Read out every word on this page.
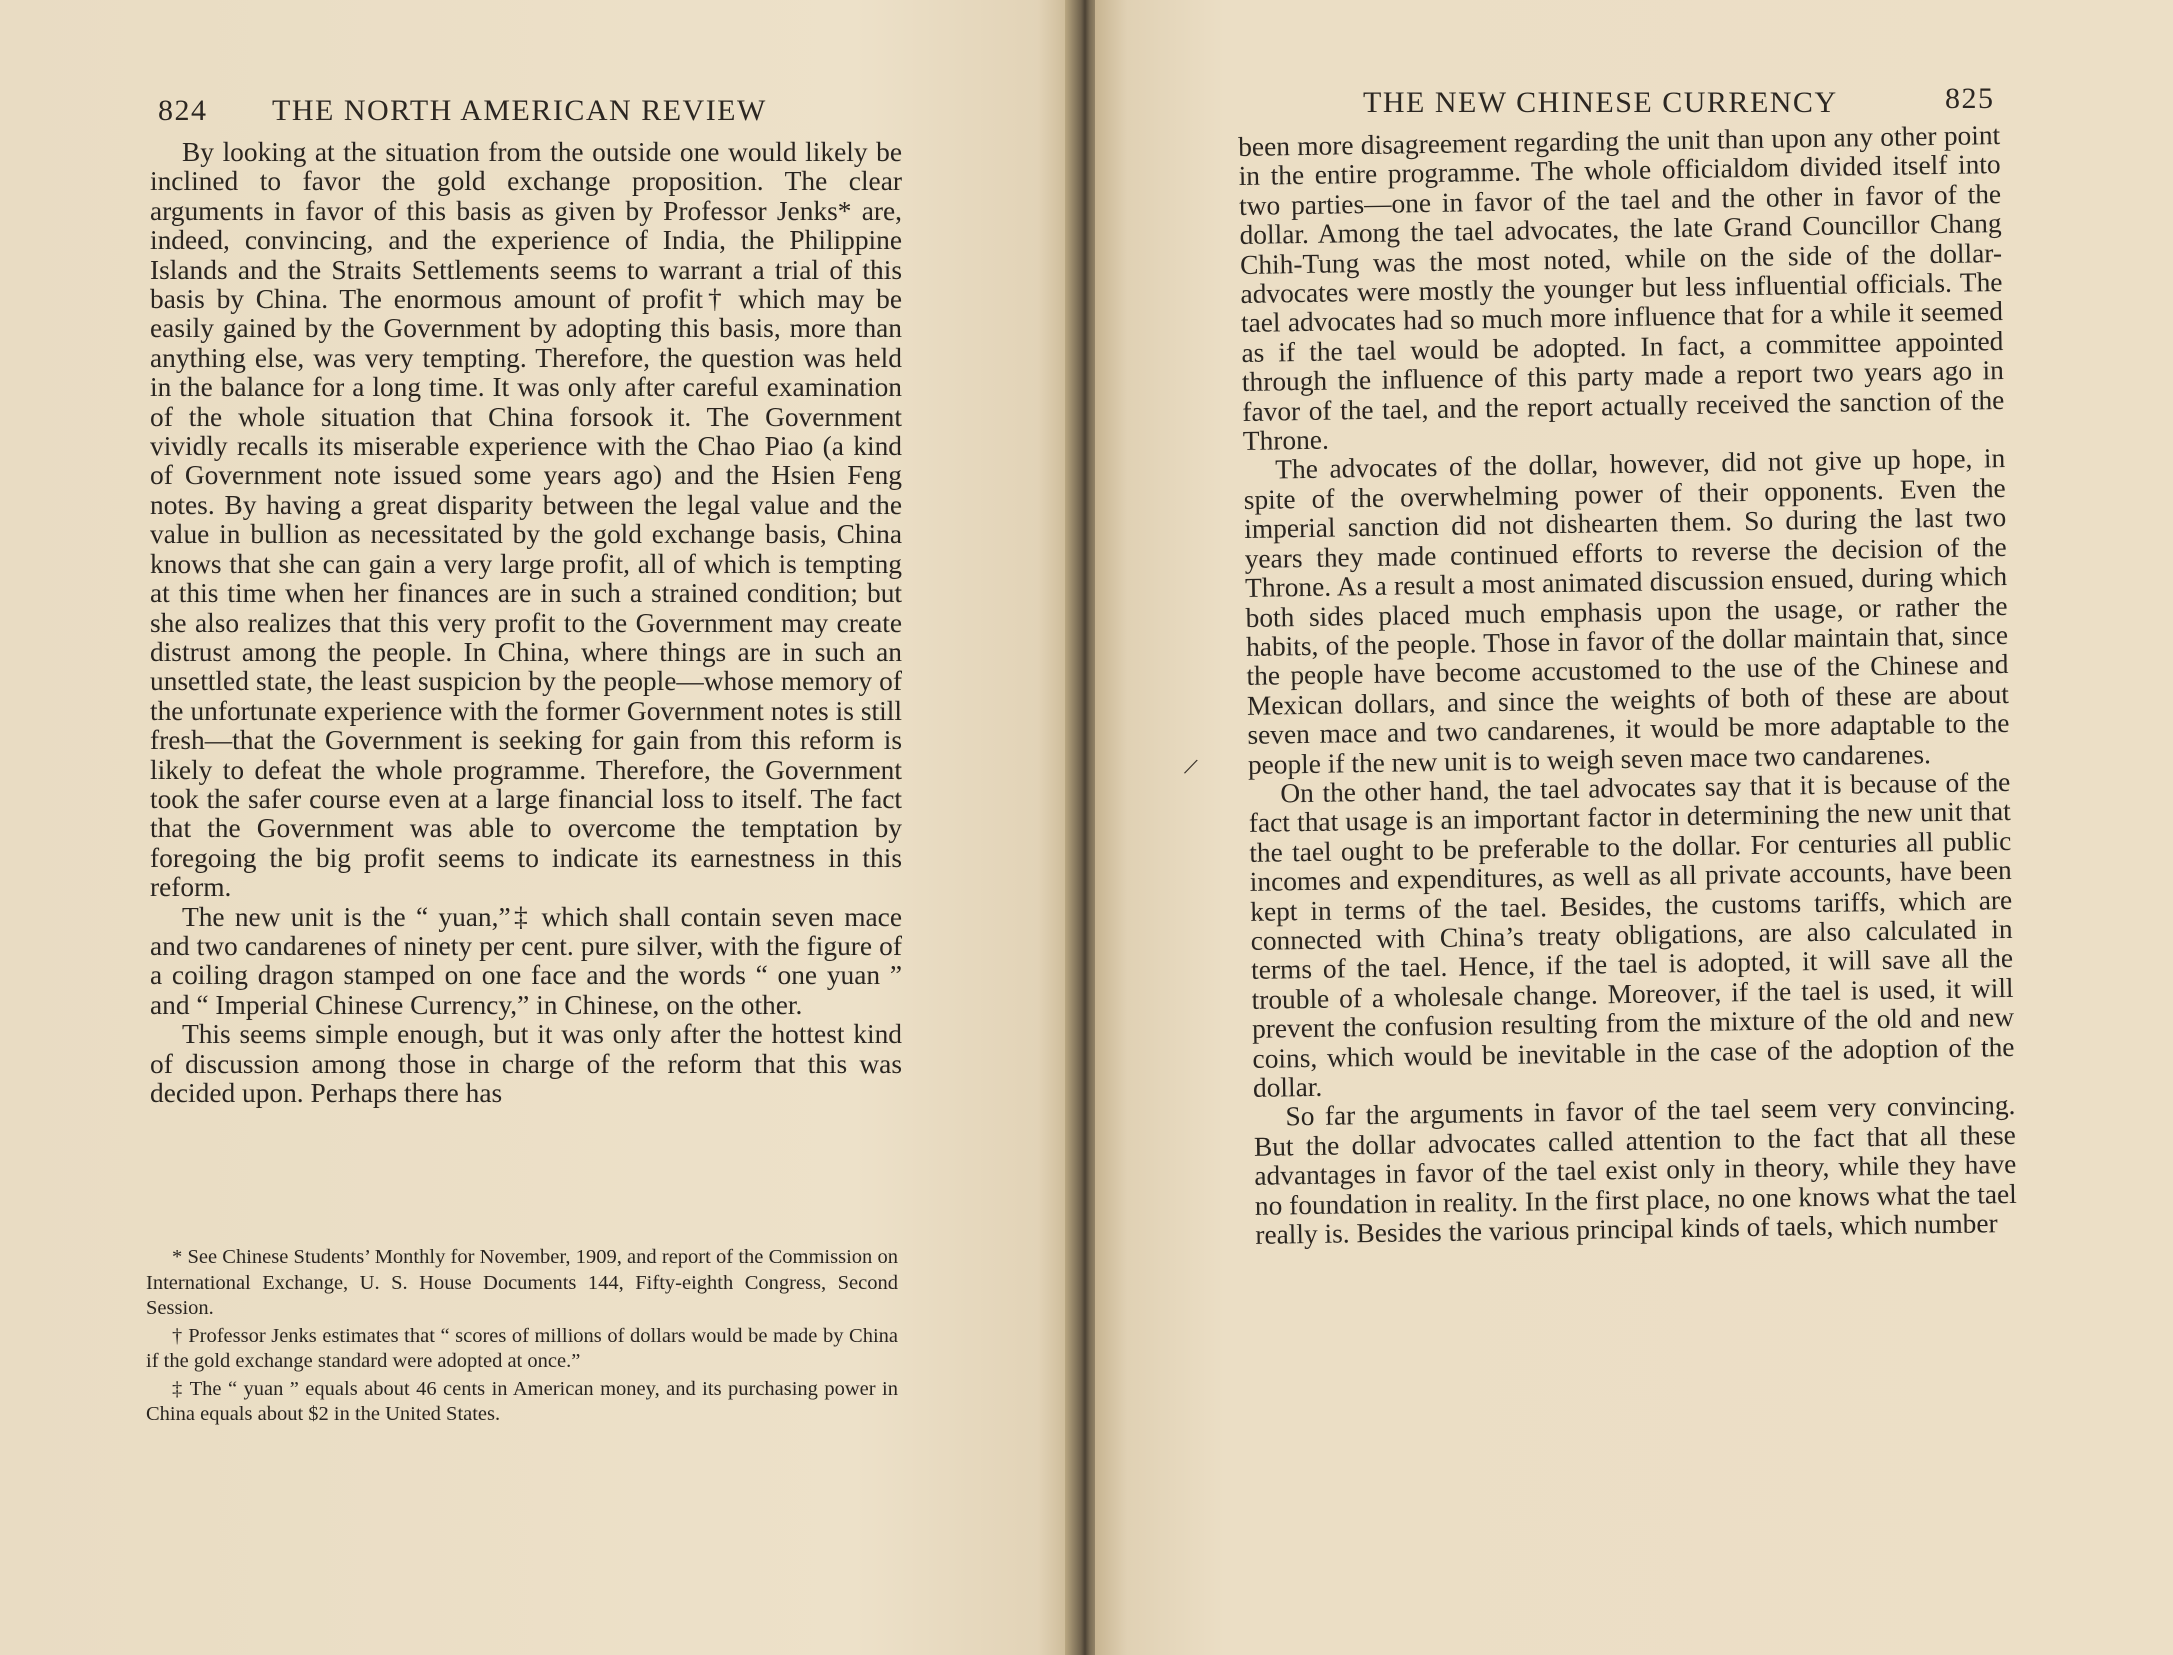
824 THE NORTH AMERICAN REVIEW

By looking at the situation from the outside one would likely be inclined to favor the gold exchange proposition. The clear arguments in favor of this basis as given by Professor Jenks* are, indeed, convincing, and the experience of India, the Philippine Islands and the Straits Settlements seems to warrant a trial of this basis by China. The enormous amount of profit† which may be easily gained by the Government by adopting this basis, more than anything else, was very tempting. Therefore, the question was held in the balance for a long time. It was only after careful examination of the whole situation that China forsook it. The Government vividly recalls its miserable experience with the Chao Piao (a kind of Government note issued some years ago) and the Hsien Feng notes. By having a great disparity between the legal value and the value in bullion as necessitated by the gold exchange basis, China knows that she can gain a very large profit, all of which is tempting at this time when her finances are in such a strained condition; but she also realizes that this very profit to the Government may create distrust among the people. In China, where things are in such an unsettled state, the least suspicion by the people—whose memory of the unfortunate experience with the former Government notes is still fresh—that the Government is seeking for gain from this reform is likely to defeat the whole programme. Therefore, the Government took the safer course even at a large financial loss to itself. The fact that the Government was able to overcome the temptation by foregoing the big profit seems to indicate its earnestness in this reform.

The new unit is the “ yuan,”‡ which shall contain seven mace and two candarenes of ninety per cent. pure silver, with the figure of a coiling dragon stamped on one face and the words “ one yuan ” and “ Imperial Chinese Currency,” in Chinese, on the other.

This seems simple enough, but it was only after the hottest kind of discussion among those in charge of the reform that this was decided upon. Perhaps there has

* See Chinese Students’ Monthly for November, 1909, and report of the Commission on International Exchange, U. S. House Documents 144, Fifty-eighth Congress, Second Session.

† Professor Jenks estimates that “ scores of millions of dollars would be made by China if the gold exchange standard were adopted at once.”

‡ The “ yuan ” equals about 46 cents in American money, and its purchasing power in China equals about $2 in the United States.

THE NEW CHINESE CURRENCY	825

been more disagreement regarding the unit than upon any other point in the entire programme. The whole officialdom divided itself into two parties—one in favor of the tael and the other in favor of the dollar. Among the tael advocates, the late Grand Councillor Chang Chih-Tung was the most noted, while on the side of the dollar-advocates were mostly the younger but less influential officials. The tael advocates had so much more influence that for a while it seemed as if the tael would be adopted. In fact, a committee appointed through the influence of this party made a report two years ago in favor of the tael, and the report actually received the sanction of the Throne.

The advocates of the dollar, however, did not give up hope, in spite of the overwhelming power of their opponents. Even the imperial sanction did not dishearten them. So during the last two years they made continued efforts to reverse the decision of the Throne. As a result a most animated discussion ensued, during which both sides placed much emphasis upon the usage, or rather the habits, of the people. Those in favor of the dollar maintain that, since the people have become accustomed to the use of the Chinese and Mexican dollars, and since the weights of both of these are about seven mace and two candarenes, it would be more adaptable to the people if the new unit is to weigh seven mace two candarenes.

On the other hand, the tael advocates say that it is because of the fact that usage is an important factor in determining the new unit that the tael ought to be preferable to the dollar. For centuries all public incomes and expenditures, as well as all private accounts, have been kept in terms of the tael. Besides, the customs tariffs, which are connected with China’s treaty obligations, are also calculated in terms of the tael. Hence, if the tael is adopted, it will save all the trouble of a wholesale change. Moreover, if the tael is used, it will prevent the confusion resulting from the mixture of the old and new coins, which would be inevitable in the case of the adoption of the dollar.

So far the arguments in favor of the tael seem very convincing. But the dollar advocates called attention to the fact that all these advantages in favor of the tael exist only in theory, while they have no foundation in reality. In the first place, no one knows what the tael really is. Besides the various principal kinds of taels, which number

/
